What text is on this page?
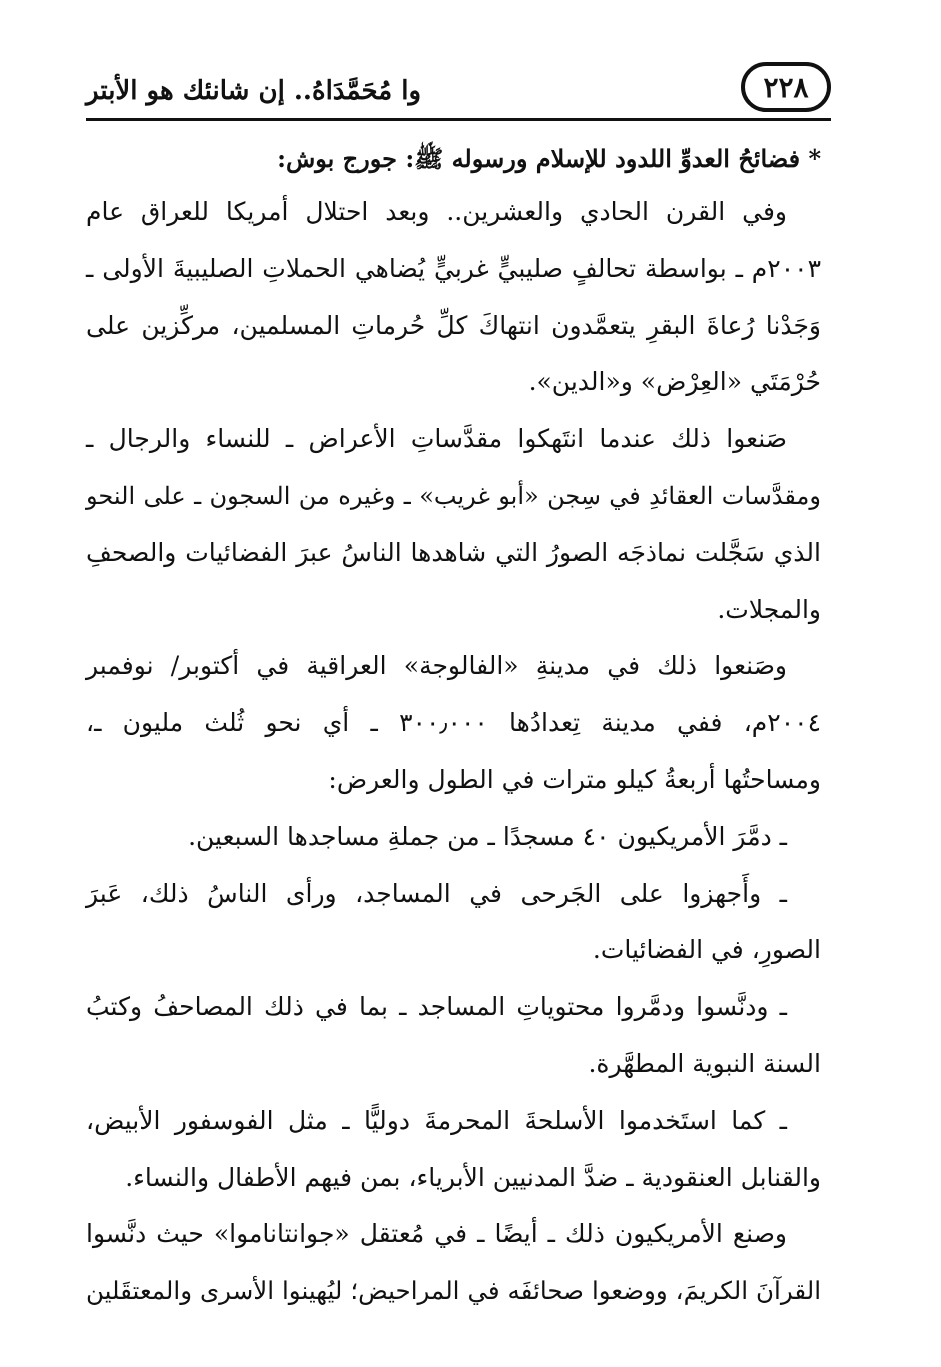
وا مُحَمَّدَاهُ.. إن شانئك هو الأبتر	٢٢٨

* فضائحُ العدوِّ اللدود للإسلام ورسوله ﷺ: جورج بوش:

وفي القرن الحادي والعشرين.. وبعد احتلال أمريكا للعراق عام

٢٠٠٣م ـ بواسطة تحالفٍ صليبيٍّ غربيٍّ يُضاهي الحملاتِ الصليبيةَ الأولى ـ

وَجَدْنا رُعاةَ البقرِ يتعمَّدون انتهاكَ كلِّ حُرماتِ المسلمين، مركِّزين على

حُرْمَتَي «العِرْض» و«الدين».

صَنعوا ذلك عندما انتَهكوا مقدَّساتِ الأعراض ـ للنساء والرجال ـ

ومقدَّسات العقائدِ في سِجن «أبو غريب» ـ وغيره من السجون ـ على النحو

الذي سَجَّلت نماذجَه الصورُ التي شاهدها الناسُ عبرَ الفضائيات والصحفِ

والمجلات.

وصَنعوا ذلك في مدينةِ «الفالوجة» العراقية في أكتوبر/ نوفمبر

٢٠٠٤م، ففي مدينة تِعدادُها ٣٠٠٫٠٠٠ ـ أي نحو ثُلث مليون ـ،

ومساحتُها أربعةُ كيلو مترات في الطول والعرض:

ـ دمَّرَ الأمريكيون ٤٠ مسجدًا ـ من جملةِ مساجدها السبعين.

ـ وأَجهزوا على الجَرحى في المساجد، ورأى الناسُ ذلك، عَبرَ

الصورِ، في الفضائيات.

ـ ودنَّسوا ودمَّروا محتوياتِ المساجد ـ بما في ذلك المصاحفُ وكتبُ

السنة النبوية المطهَّرة.

ـ كما استَخدموا الأسلحةَ المحرمةَ دوليًّا ـ مثل الفوسفور الأبيض،

والقنابل العنقودية ـ ضدَّ المدنيين الأبرياء، بمن فيهم الأطفال والنساء.

وصنع الأمريكيون ذلك ـ أيضًا ـ في مُعتقل «جوانتاناموا» حيث دنَّسوا

القرآنَ الكريمَ، ووضعوا صحائفَه في المراحيض؛ ليُهينوا الأسرى والمعتقَلين
